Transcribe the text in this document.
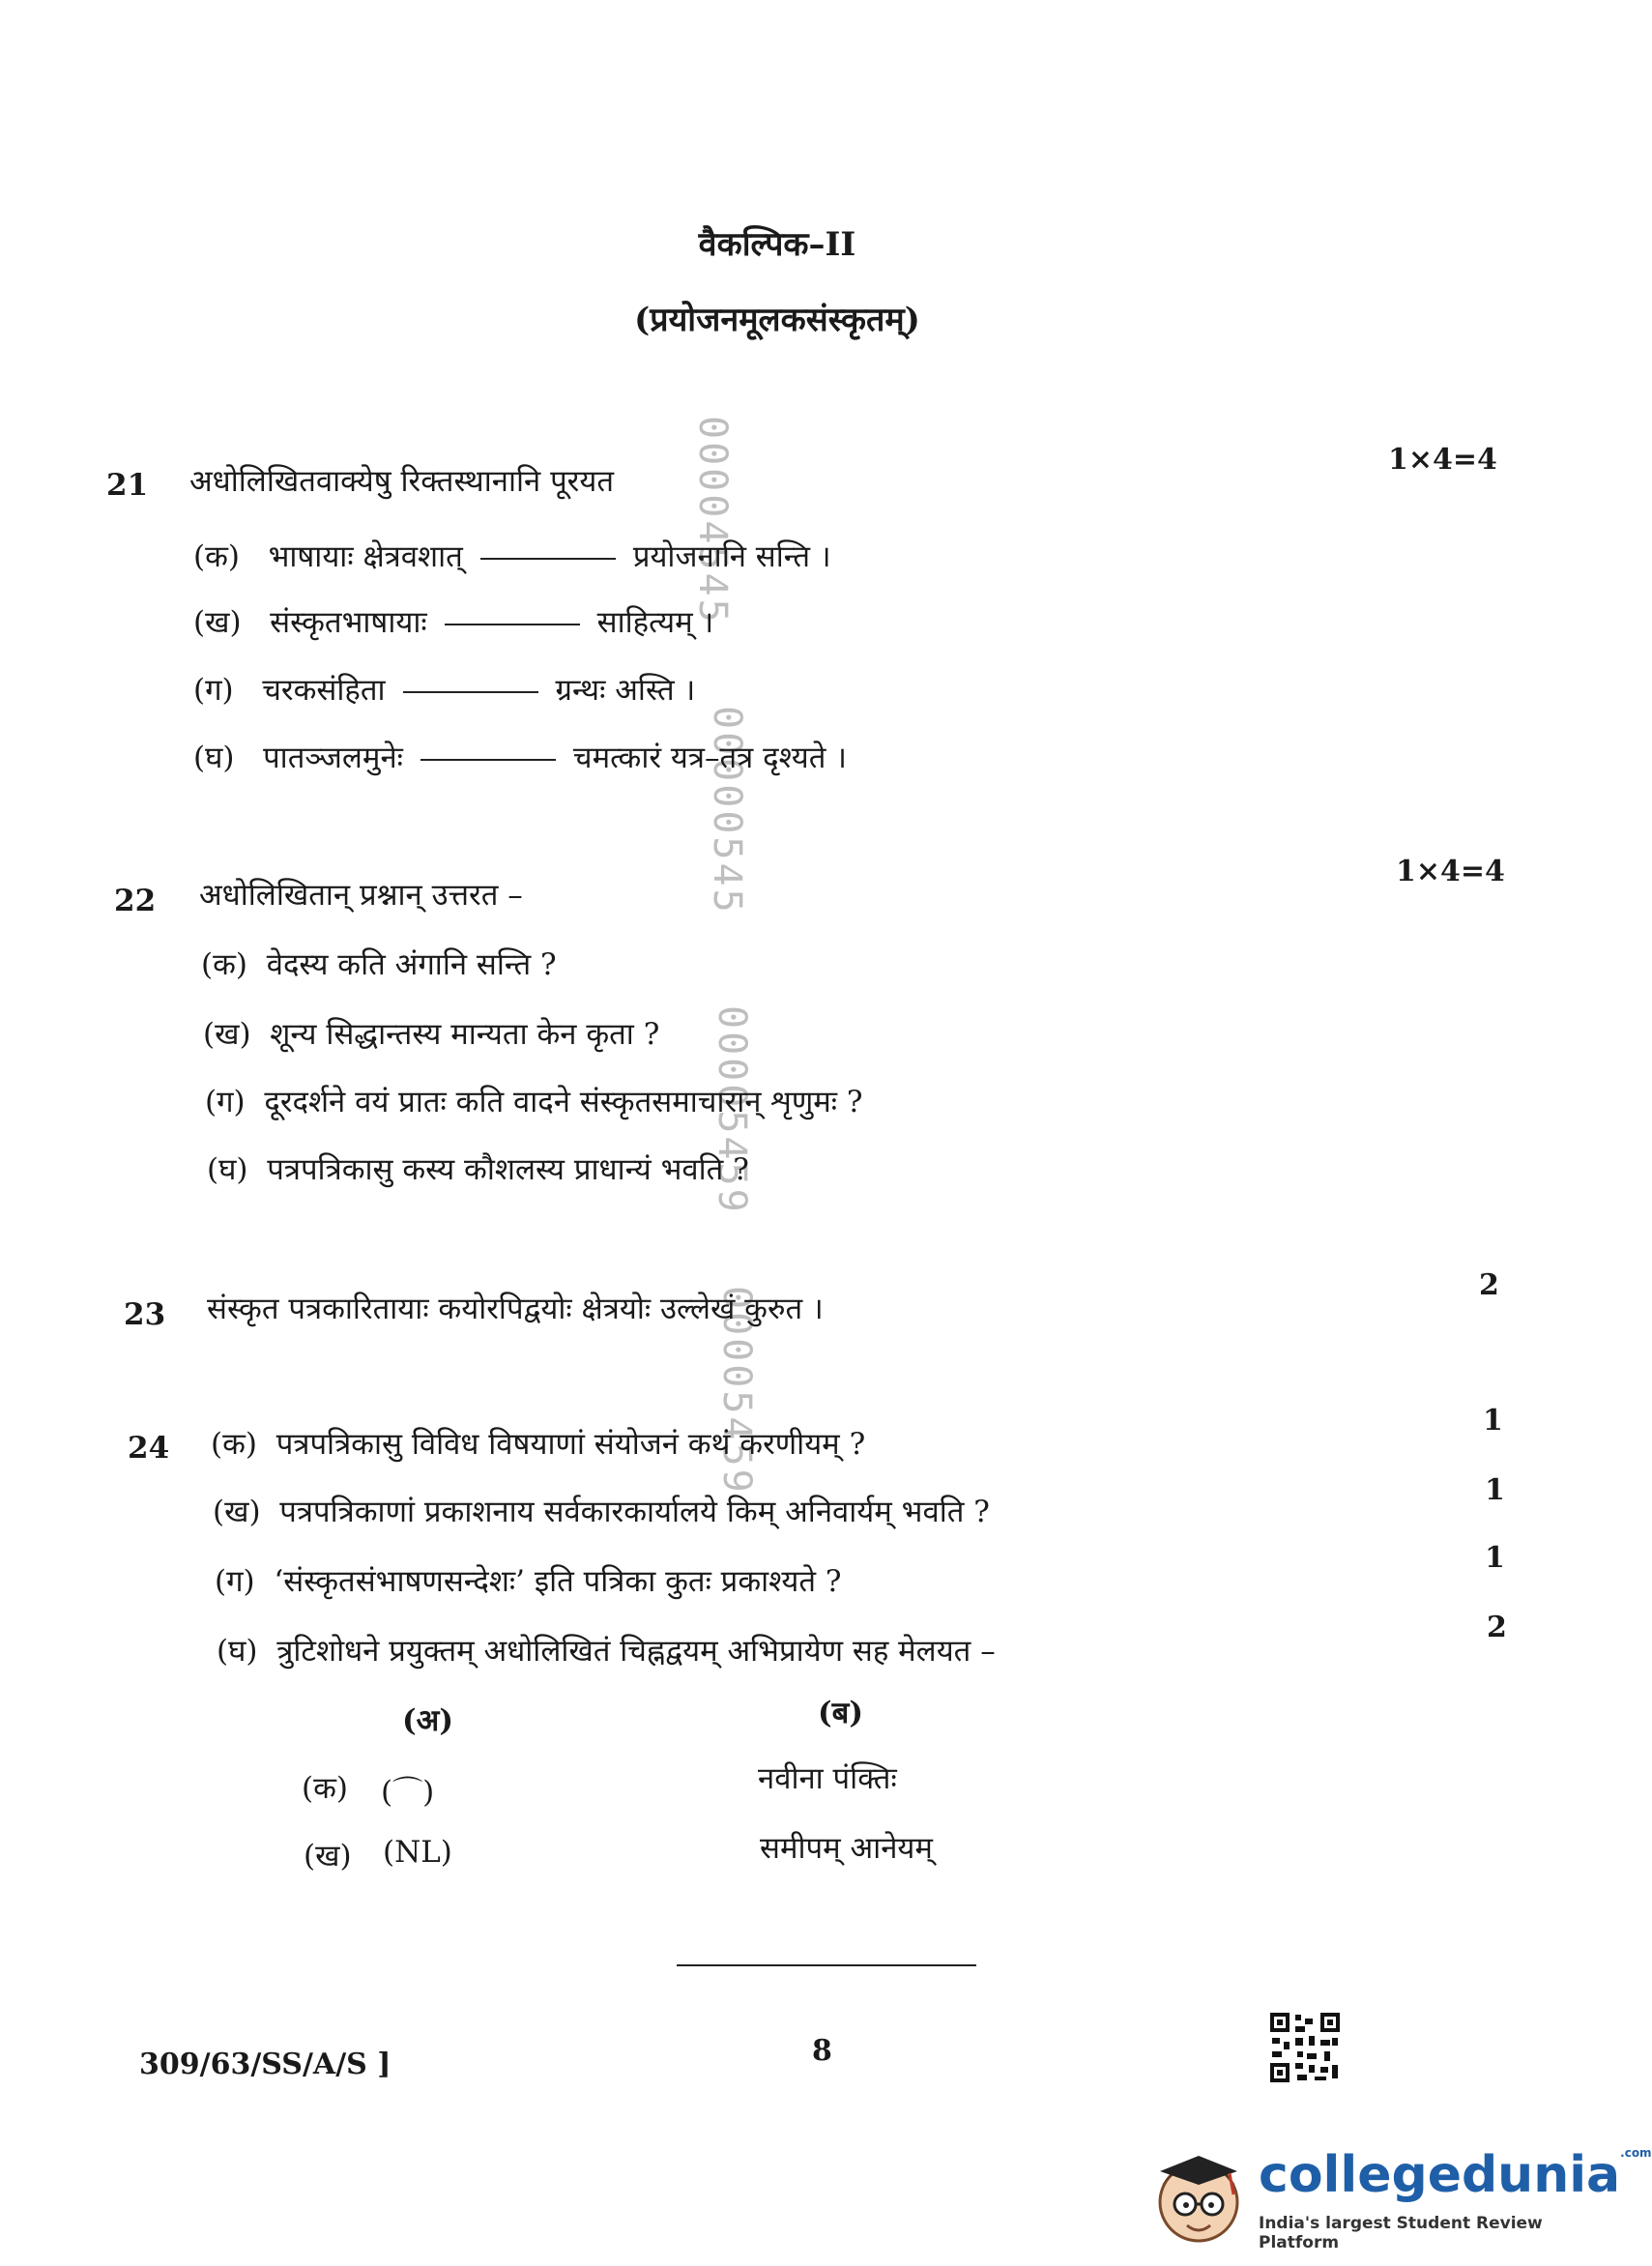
वैकल्पिक–II
(प्रयोजनमूलकसंस्कृतम्)
00004545
00000545
00005459
00005459
21 अधोलिखितवाक्येषु रिक्तस्थानानि पूरयत
1×4=4
(क) भाषायाः क्षेत्रवशात्	प्रयोजनानि सन्ति ।
(ख) संस्कृतभाषायाः	साहित्यम् ।
(ग) चरकसंहिता	ग्रन्थः अस्ति ।
(घ) पातञ्जलमुनेः	चमत्कारं यत्र–तत्र दृश्यते ।
22 अधोलिखितान् प्रश्नान् उत्तरत –
1×4=4
(क) वेदस्य कति अंगानि सन्ति ?
(ख) शून्य सिद्धान्तस्य मान्यता केन कृता ?
(ग) दूरदर्शने वयं प्रातः कति वादने संस्कृतसमाचारान् शृणुमः ?
(घ) पत्रपत्रिकासु कस्य कौशलस्य प्राधान्यं भवति ?
23 संस्कृत पत्रकारितायाः कयोरपिद्वयोः क्षेत्रयोः उल्लेखं कुरुत ।
2
24 (क) पत्रपत्रिकासु विविध विषयाणां संयोजनं कथं करणीयम् ?
1
(ख) पत्रपत्रिकाणां प्रकाशनाय सर्वकारकार्यालये किम् अनिवार्यम् भवति ?
1
(ग) ‘संस्कृतसंभाषणसन्देशः’ इति पत्रिका कुतः प्रकाश्यते ?
1
(घ) त्रुटिशोधने प्रयुक्तम् अधोलिखितं चिह्नद्वयम् अभिप्रायेण सह मेलयत –
2
(अ)	(ब)
(क) (⌒)	नवीना पंक्तिः
(ख) (NL)	समीपम् आनेयम्
309/63/SS/A/S ]	8
collegedunia$^{.com}$
India's largest Student Review Platform
